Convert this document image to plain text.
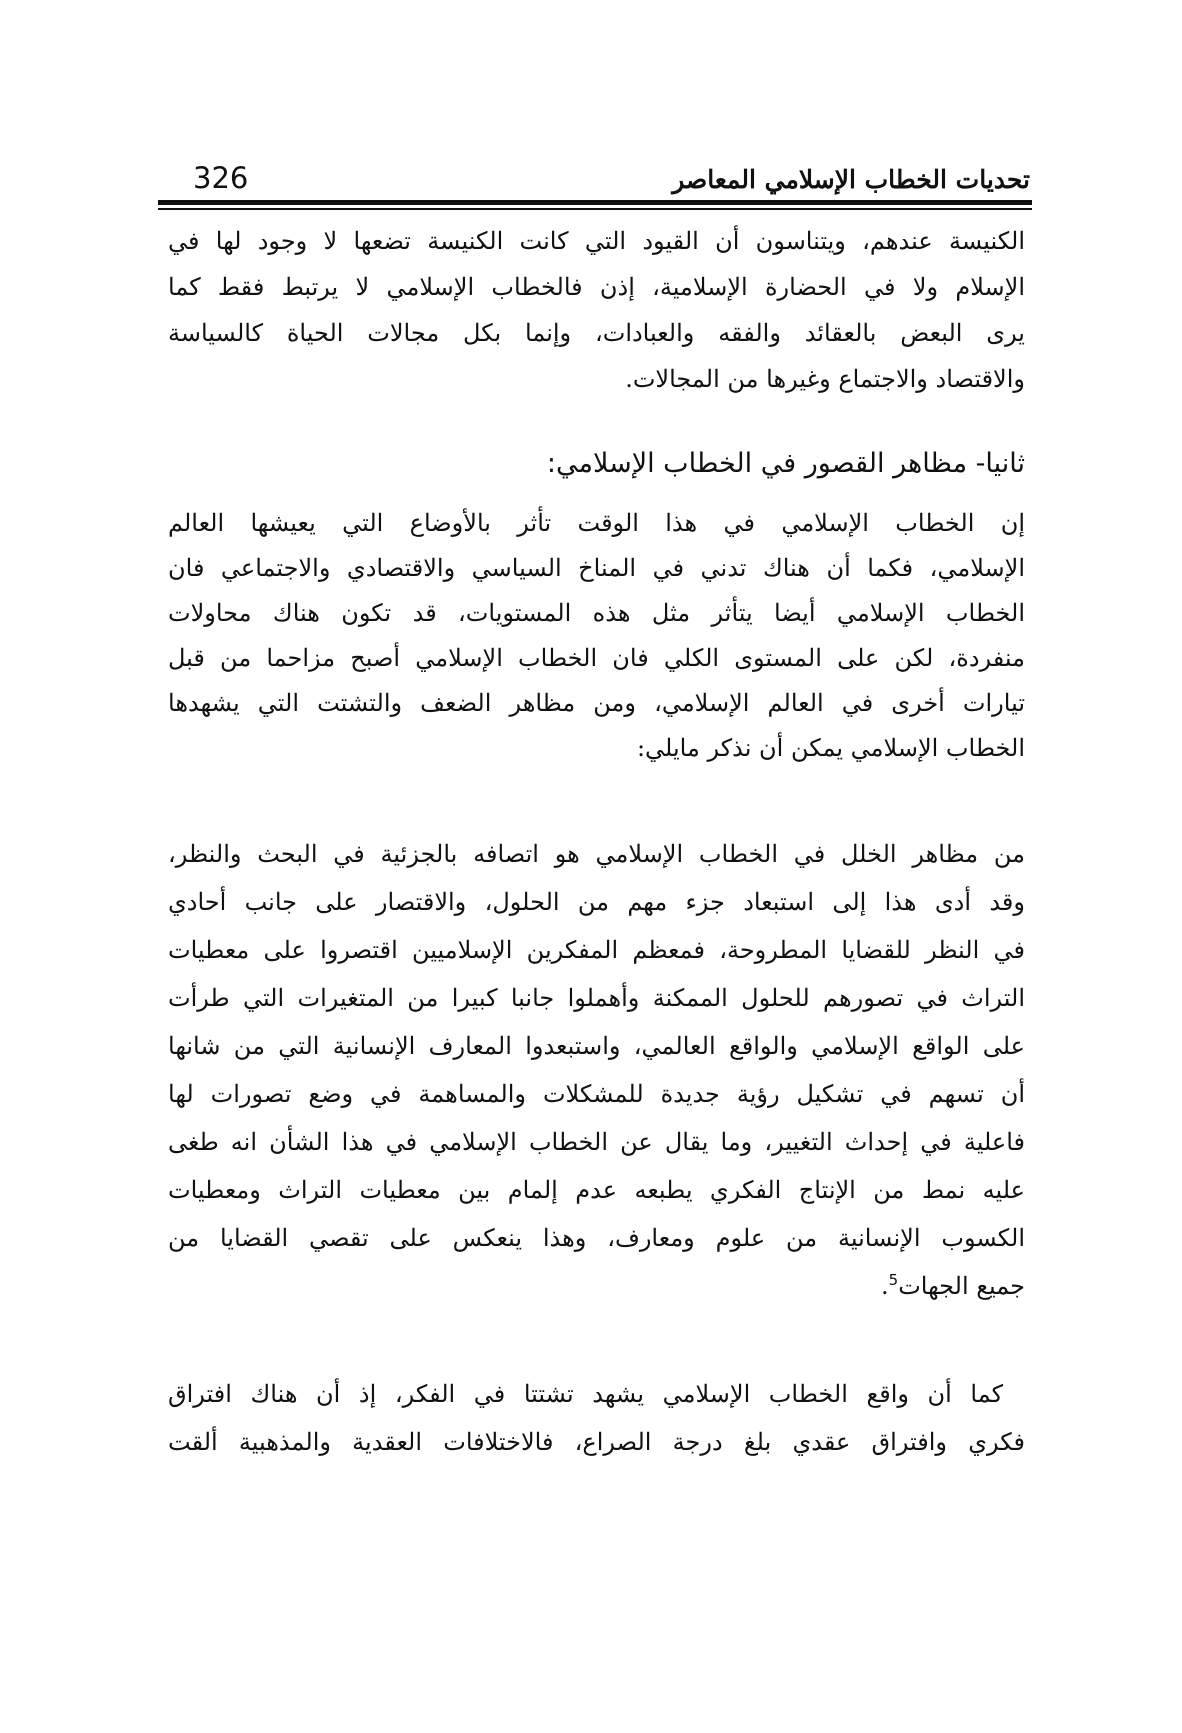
تحديات الخطاب الإسلامي المعاصر
326
الكنيسة عندهم، ويتناسون أن القيود التي كانت الكنيسة تضعها لا وجود لها في
الإسلام ولا في الحضارة الإسلامية، إذن فالخطاب الإسلامي لا يرتبط فقط كما
يرى البعض بالعقائد والفقه والعبادات، وإنما بكل مجالات الحياة كالسياسة
والاقتصاد والاجتماع وغيرها من المجالات.
ثانيا- مظاهر القصور في الخطاب الإسلامي:
إن الخطاب الإسلامي في هذا الوقت تأثر بالأوضاع التي يعيشها العالم
الإسلامي، فكما أن هناك تدني في المناخ السياسي والاقتصادي والاجتماعي فان
الخطاب الإسلامي أيضا يتأثر مثل هذه المستويات، قد تكون هناك محاولات
منفردة، لكن على المستوى الكلي فان الخطاب الإسلامي أصبح مزاحما من قبل
تيارات أخرى في العالم الإسلامي، ومن مظاهر الضعف والتشتت التي يشهدها
الخطاب الإسلامي يمكن أن نذكر مايلي:
من مظاهر الخلل في الخطاب الإسلامي هو اتصافه بالجزئية في البحث والنظر،
وقد أدى هذا إلى استبعاد جزء مهم من الحلول، والاقتصار على جانب أحادي
في النظر للقضايا المطروحة، فمعظم المفكرين الإسلاميين اقتصروا على معطيات
التراث في تصورهم للحلول الممكنة وأهملوا جانبا كبيرا من المتغيرات التي طرأت
على الواقع الإسلامي والواقع العالمي، واستبعدوا المعارف الإنسانية التي من شانها
أن تسهم في تشكيل رؤية جديدة للمشكلات والمساهمة في وضع تصورات لها
فاعلية في إحداث التغيير، وما يقال عن الخطاب الإسلامي في هذا الشأن انه طغى
عليه نمط من الإنتاج الفكري يطبعه عدم إلمام بين معطيات التراث ومعطيات
الكسوب الإنسانية من علوم ومعارف، وهذا ينعكس على تقصي القضايا من
جميع الجهات$^5$.
كما أن واقع الخطاب الإسلامي يشهد تشتتا في الفكر، إذ أن هناك افتراق
فكري وافتراق عقدي بلغ درجة الصراع، فالاختلافات العقدية والمذهبية ألقت
